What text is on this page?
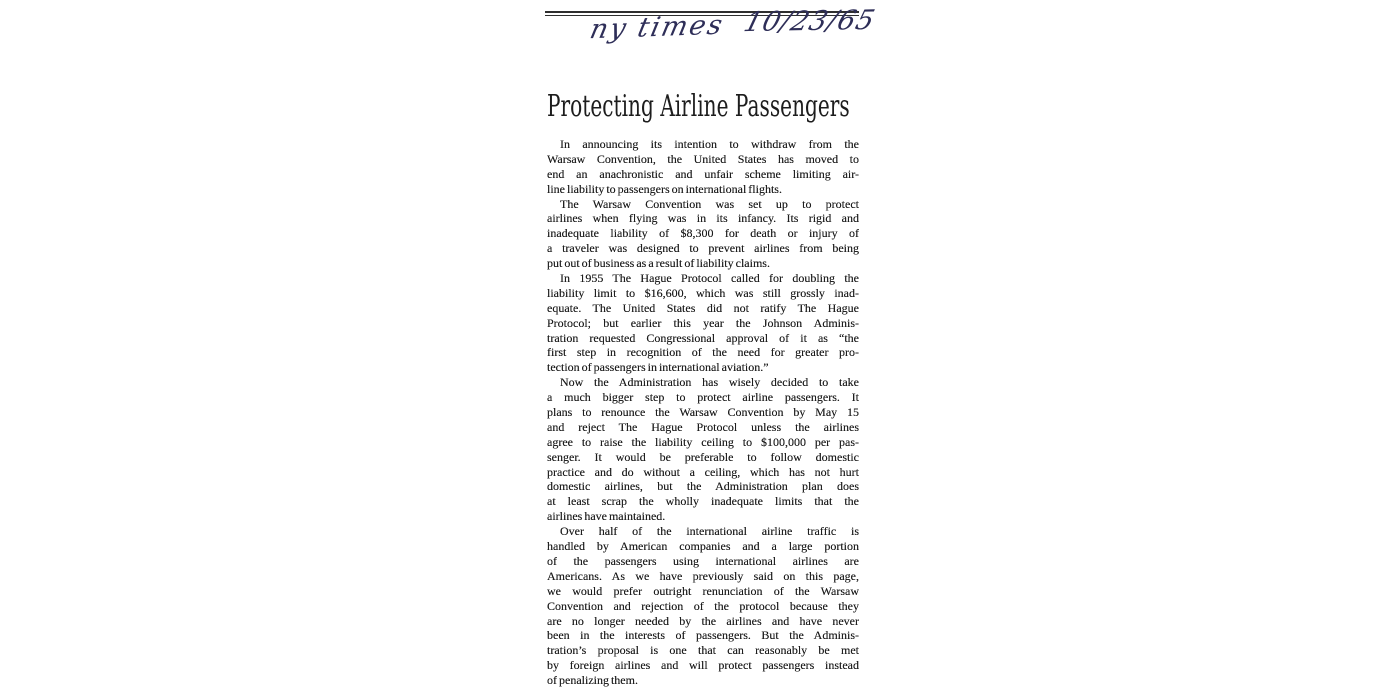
ny times 10/23/65
Protecting Airline Passengers
In announcing its intention to withdraw from the
Warsaw Convention, the United States has moved to
end an anachronistic and unfair scheme limiting air-
line liability to passengers on international flights.
The Warsaw Convention was set up to protect
airlines when flying was in its infancy. Its rigid and
inadequate liability of $8,300 for death or injury of
a traveler was designed to prevent airlines from being
put out of business as a result of liability claims.
In 1955 The Hague Protocol called for doubling the
liability limit to $16,600, which was still grossly inad-
equate. The United States did not ratify The Hague
Protocol; but earlier this year the Johnson Adminis-
tration requested Congressional approval of it as “the
first step in recognition of the need for greater pro-
tection of passengers in international aviation.”
Now the Administration has wisely decided to take
a much bigger step to protect airline passengers. It
plans to renounce the Warsaw Convention by May 15
and reject The Hague Protocol unless the airlines
agree to raise the liability ceiling to $100,000 per pas-
senger. It would be preferable to follow domestic
practice and do without a ceiling, which has not hurt
domestic airlines, but the Administration plan does
at least scrap the wholly inadequate limits that the
airlines have maintained.
Over half of the international airline traffic is
handled by American companies and a large portion
of the passengers using international airlines are
Americans. As we have previously said on this page,
we would prefer outright renunciation of the Warsaw
Convention and rejection of the protocol because they
are no longer needed by the airlines and have never
been in the interests of passengers. But the Adminis-
tration’s proposal is one that can reasonably be met
by foreign airlines and will protect passengers instead
of penalizing them.
